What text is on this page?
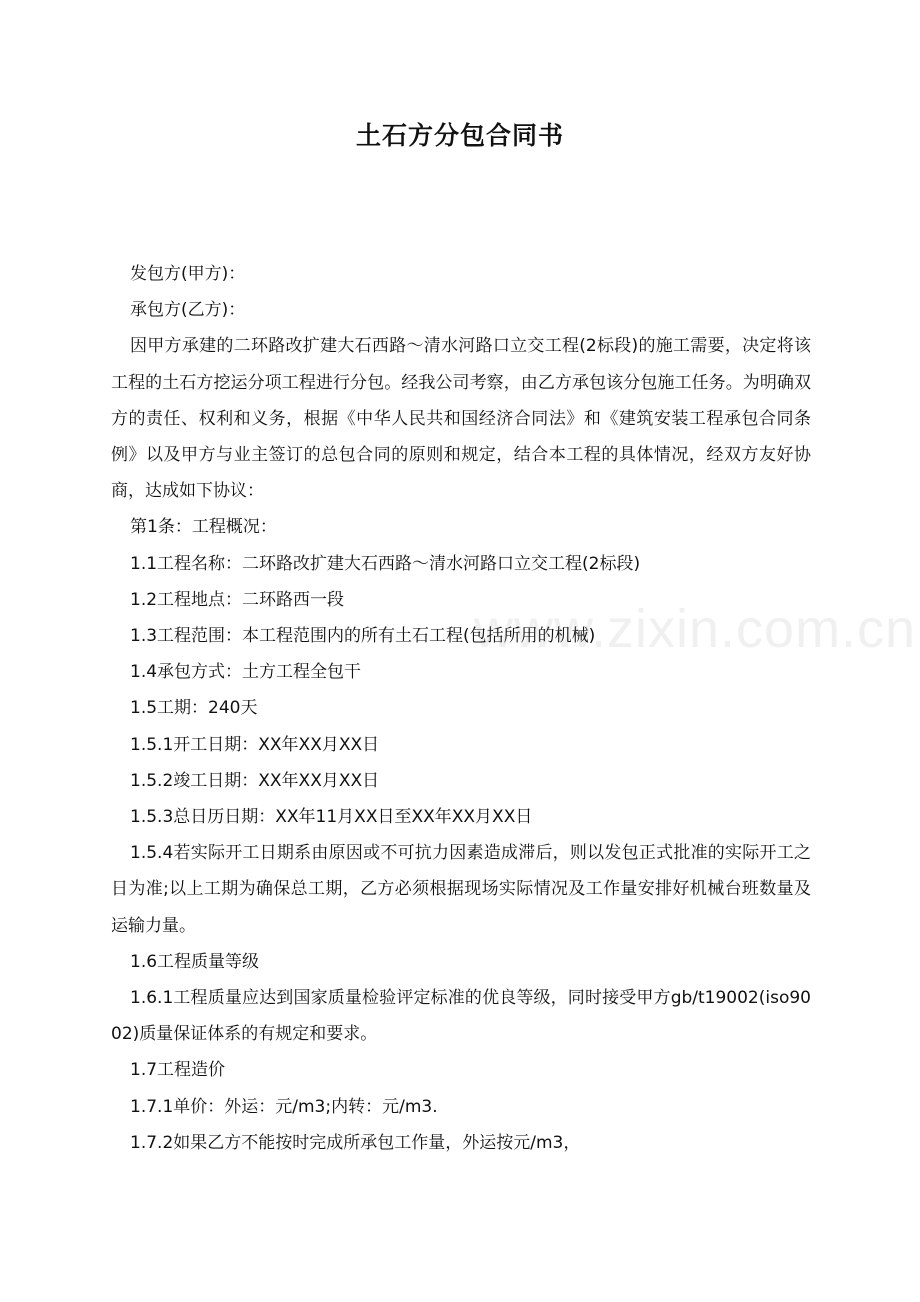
土石方分包合同书
www.zixin.com.cn

发包方(甲方)：

承包方(乙方)：

因甲方承建的二环路改扩建大石西路～清水河路口立交工程(2标段)的施工需要，决定将该工程的土石方挖运分项工程进行分包。经我公司考察，由乙方承包该分包施工任务。为明确双方的责任、权利和义务，根据《中华人民共和国经济合同法》和《建筑安装工程承包合同条例》以及甲方与业主签订的总包合同的原则和规定，结合本工程的具体情况，经双方友好协商，达成如下协议：

第1条：工程概况：

1.1工程名称：二环路改扩建大石西路～清水河路口立交工程(2标段)

1.2工程地点：二环路西一段

1.3工程范围：本工程范围内的所有土石工程(包括所用的机械)

1.4承包方式：土方工程全包干

1.5工期：240天

1.5.1开工日期：XX年XX月XX日

1.5.2竣工日期：XX年XX月XX日

1.5.3总日历日期：XX年11月XX日至XX年XX月XX日

1.5.4若实际开工日期系由原因或不可抗力因素造成滞后，则以发包正式批准的实际开工之日为准;以上工期为确保总工期，乙方必须根据现场实际情况及工作量安排好机械台班数量及运输力量。

1.6工程质量等级

1.6.1工程质量应达到国家质量检验评定标准的优良等级，同时接受甲方gb/t19002(iso9002)质量保证体系的有规定和要求。

1.7工程造价

1.7.1单价：外运：元/m3;内转：元/m3.

1.7.2如果乙方不能按时完成所承包工作量，外运按元/m3，
